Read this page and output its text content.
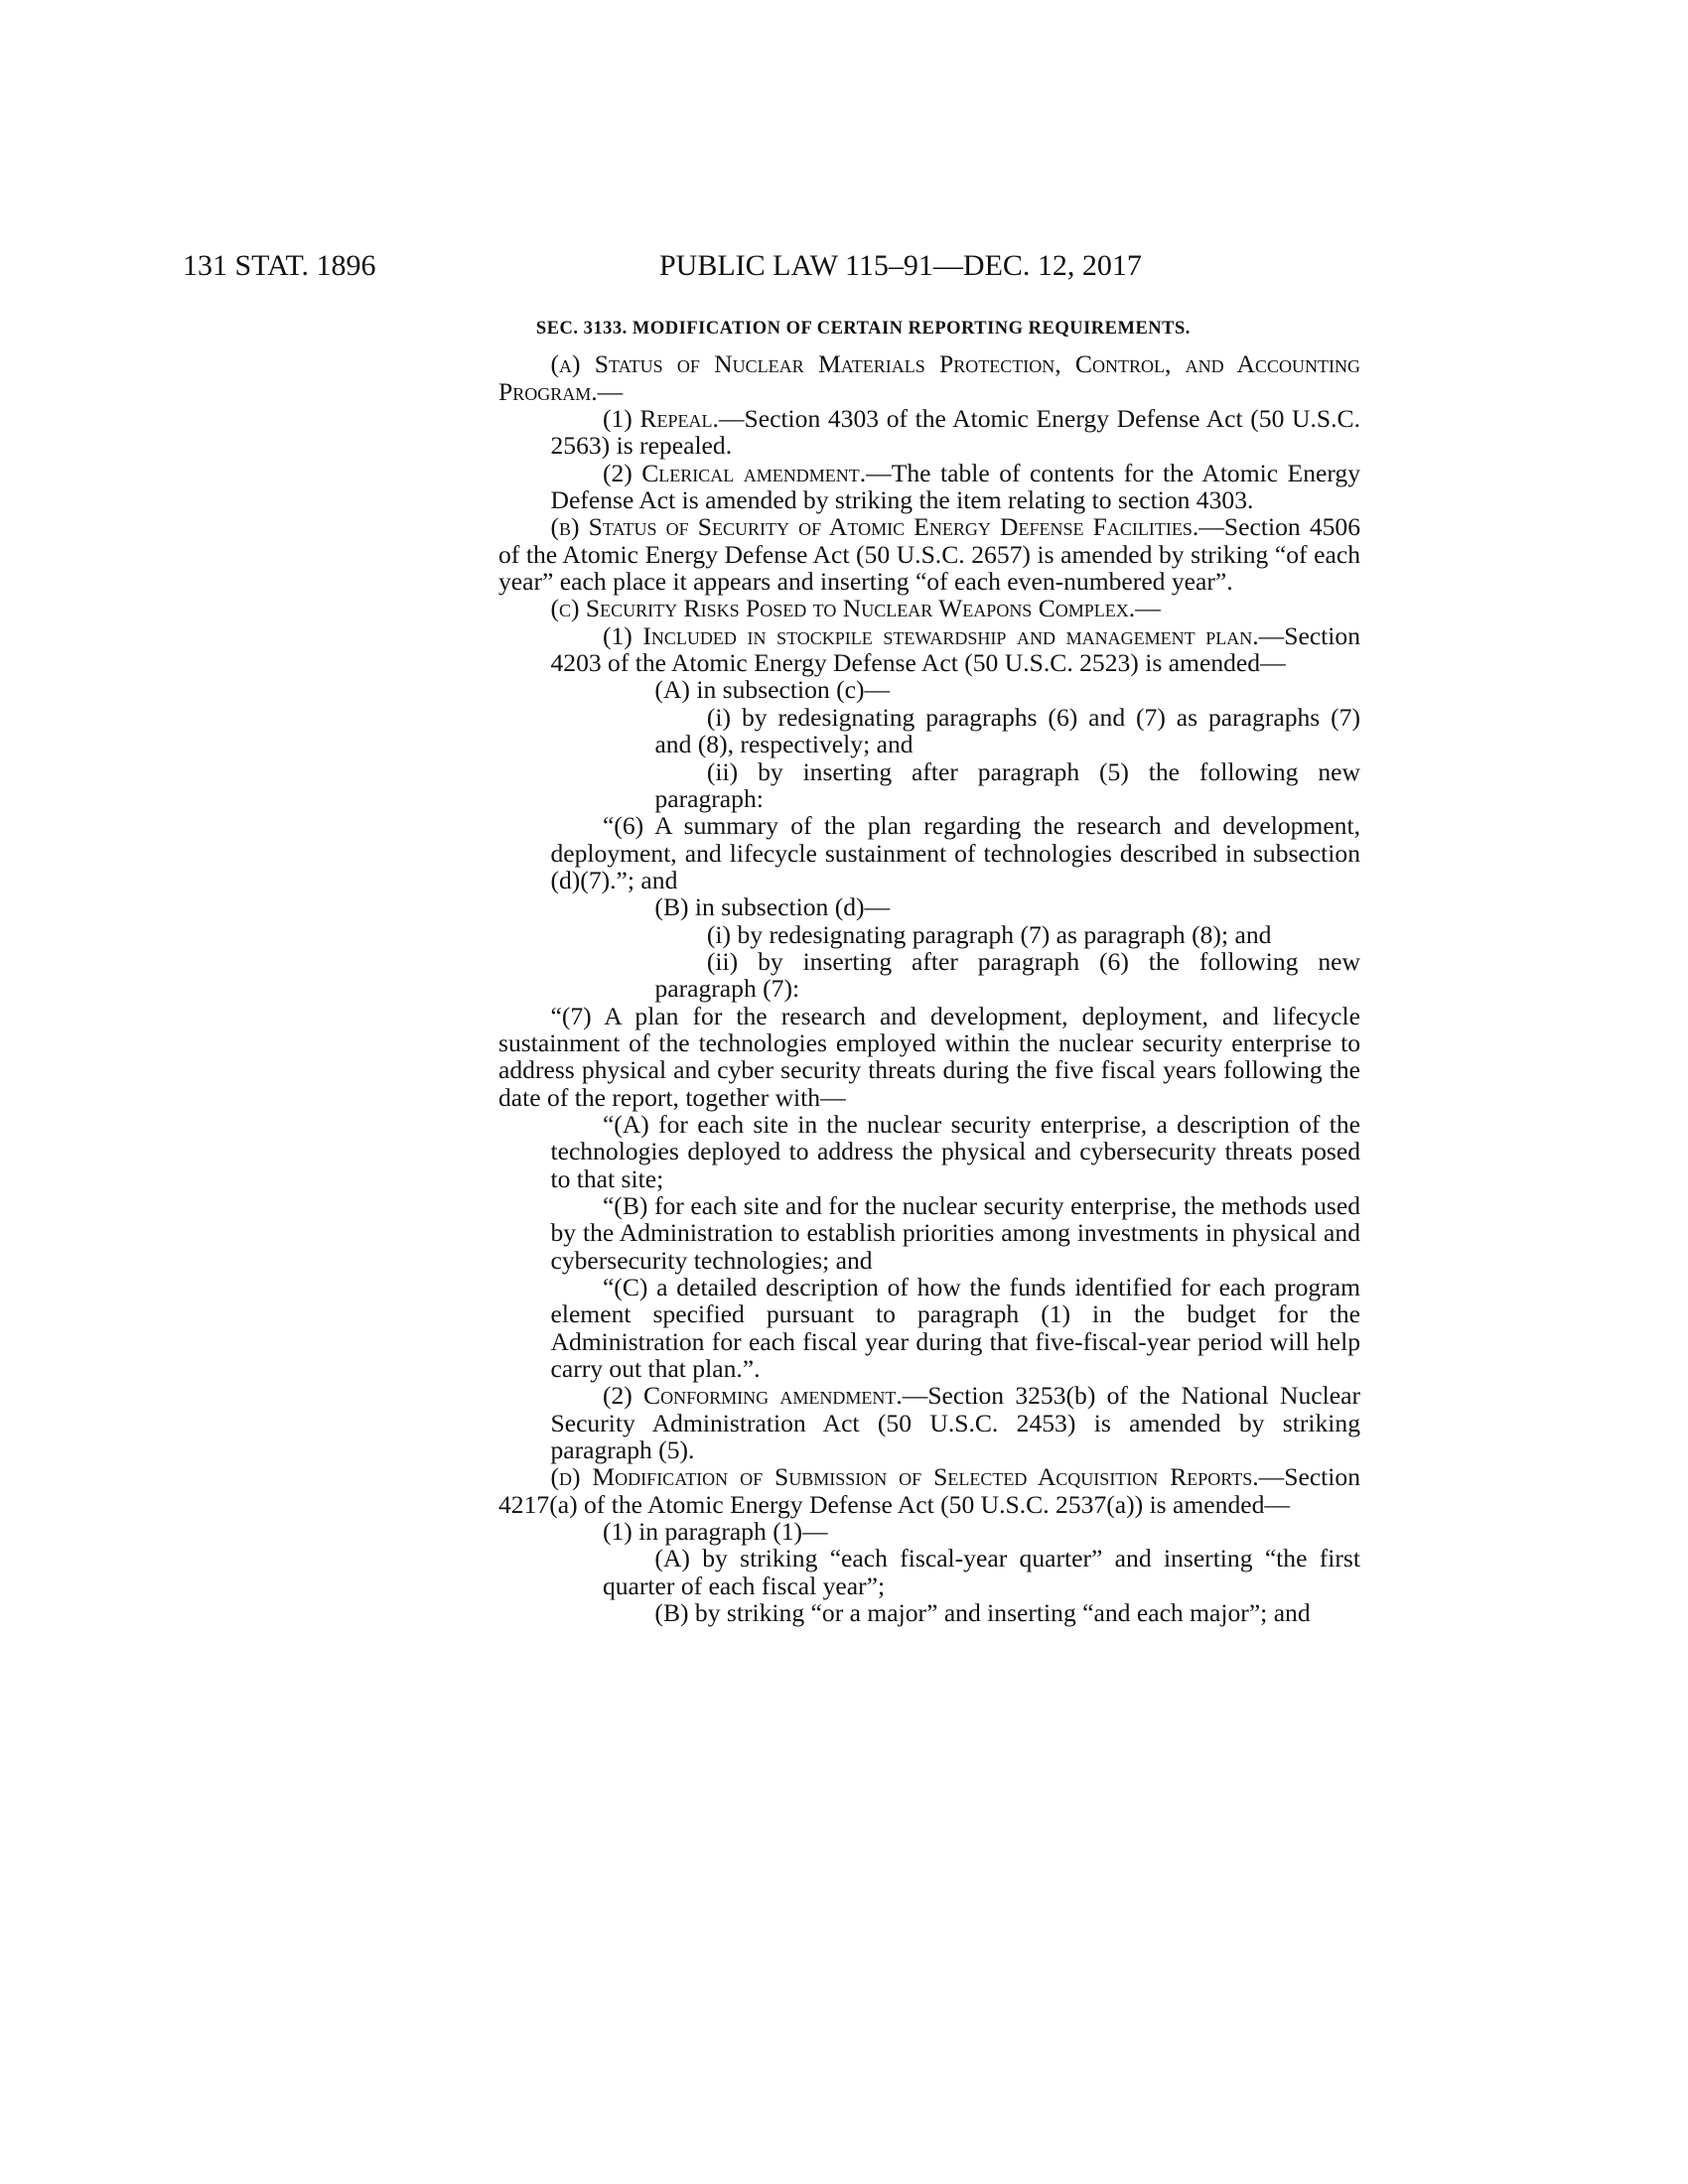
131 STAT. 1896	PUBLIC LAW 115–91—DEC. 12, 2017

SEC. 3133. MODIFICATION OF CERTAIN REPORTING REQUIREMENTS.

(a) Status of Nuclear Materials Protection, Control, and Accounting Program.—

(1) Repeal.—Section 4303 of the Atomic Energy Defense Act (50 U.S.C. 2563) is repealed.

(2) Clerical amendment.—The table of contents for the Atomic Energy Defense Act is amended by striking the item relating to section 4303.

(b) Status of Security of Atomic Energy Defense Facilities.—Section 4506 of the Atomic Energy Defense Act (50 U.S.C. 2657) is amended by striking “of each year” each place it appears and inserting “of each even-numbered year”.

(c) Security Risks Posed to Nuclear Weapons Complex.—

(1) Included in stockpile stewardship and management plan.—Section 4203 of the Atomic Energy Defense Act (50 U.S.C. 2523) is amended—

(A) in subsection (c)—

(i) by redesignating paragraphs (6) and (7) as paragraphs (7) and (8), respectively; and

(ii) by inserting after paragraph (5) the following new paragraph:

“(6) A summary of the plan regarding the research and development, deployment, and lifecycle sustainment of technologies described in subsection (d)(7).”; and

(B) in subsection (d)—

(i) by redesignating paragraph (7) as paragraph (8); and

(ii) by inserting after paragraph (6) the following new paragraph (7):

“(7) A plan for the research and development, deployment, and lifecycle sustainment of the technologies employed within the nuclear security enterprise to address physical and cyber security threats during the five fiscal years following the date of the report, together with—

“(A) for each site in the nuclear security enterprise, a description of the technologies deployed to address the physical and cybersecurity threats posed to that site;

“(B) for each site and for the nuclear security enterprise, the methods used by the Administration to establish priorities among investments in physical and cybersecurity technologies; and

“(C) a detailed description of how the funds identified for each program element specified pursuant to paragraph (1) in the budget for the Administration for each fiscal year during that five-fiscal-year period will help carry out that plan.”.

(2) Conforming amendment.—Section 3253(b) of the National Nuclear Security Administration Act (50 U.S.C. 2453) is amended by striking paragraph (5).

(d) Modification of Submission of Selected Acquisition Reports.—Section 4217(a) of the Atomic Energy Defense Act (50 U.S.C. 2537(a)) is amended—

(1) in paragraph (1)—

(A) by striking “each fiscal-year quarter” and inserting “the first quarter of each fiscal year”;

(B) by striking “or a major” and inserting “and each major”; and
